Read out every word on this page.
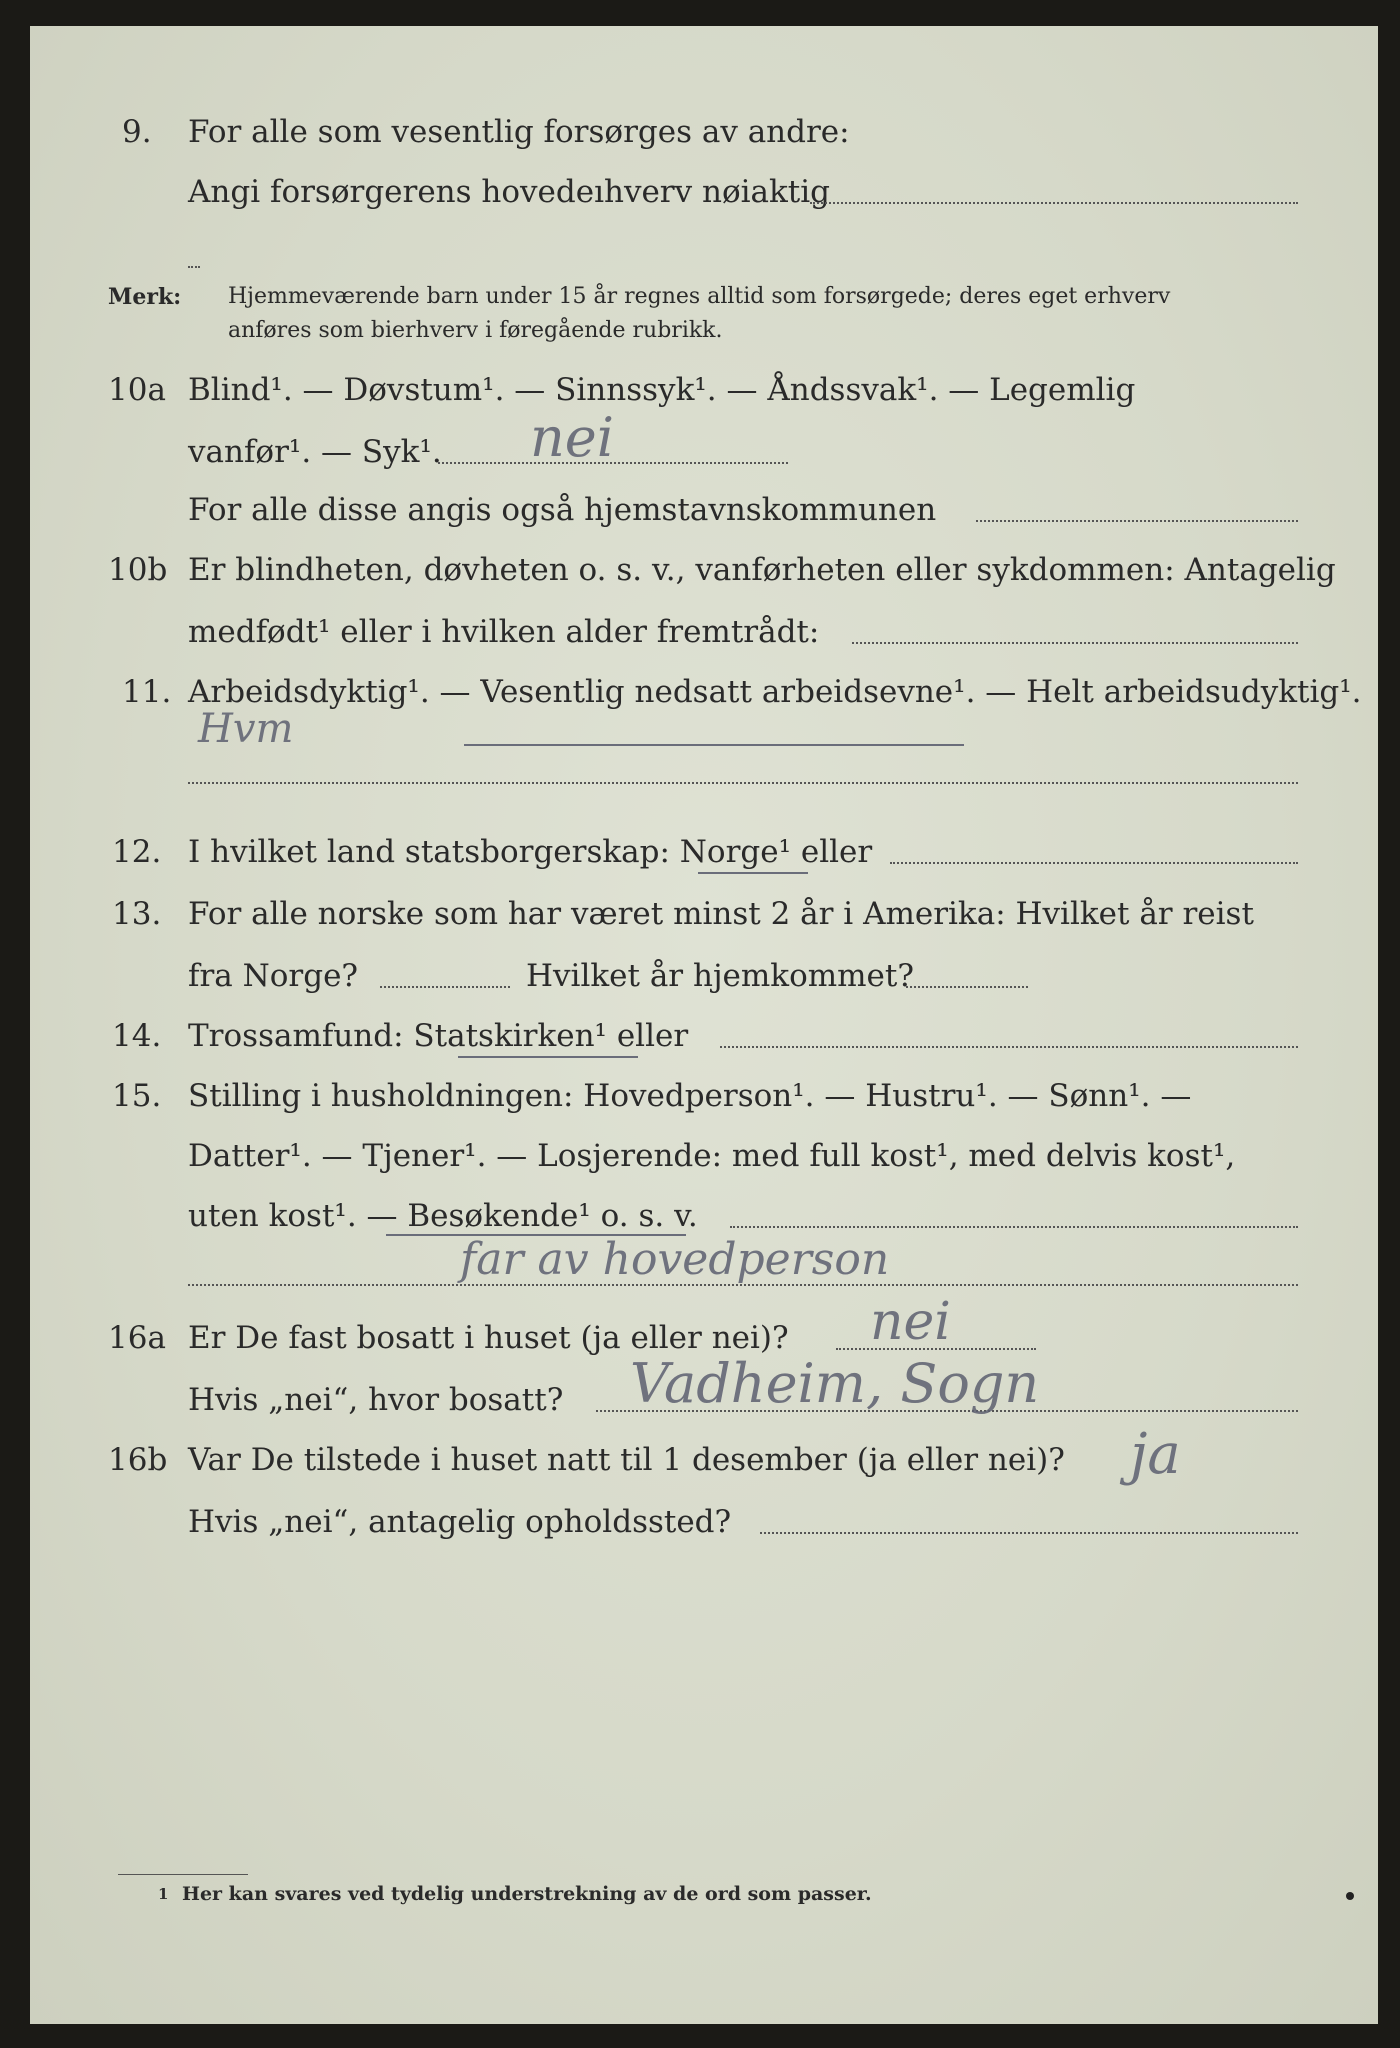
9. For alle som vesentlig forsørges av andre:
Angi forsørgerens hovedeıhverv nøiaktig
Merk: Hjemmeværende barn under 15 år regnes alltid som forsørgede; deres eget erhverv
anføres som bierhverv i føregående rubrikk.
10a Blind¹. — Døvstum¹. — Sinnssyk¹. — Åndssvak¹. — Legemlig
vanfør¹. — Syk¹. nei
For alle disse angis også hjemstavnskommunen
10b Er blindheten, døvheten o. s. v., vanførheten eller sykdommen: Antagelig
medfødt¹ eller i hvilken alder fremtrådt:
11. Arbeidsdyktig¹. — Vesentlig nedsatt arbeidsevne¹. — Helt arbeidsudyktig¹.
Hvm
12. I hvilket land statsborgerskap: Norge¹ eller
13. For alle norske som har været minst 2 år i Amerika: Hvilket år reist
fra Norge?	Hvilket år hjemkommet?
14. Trossamfund: Statskirken¹ eller
15. Stilling i husholdningen: Hovedperson¹. — Hustru¹. — Sønn¹. —
Datter¹. — Tjener¹. — Losjerende: med full kost¹, med delvis kost¹,
uten kost¹. — Besøkende¹ o. s. v.
far av hovedperson
16a Er De fast bosatt i huset (ja eller nei)? nei
Hvis „nei“, hvor bosatt? Vadheim, Sogn
16b Var De tilstede i huset natt til 1 desember (ja eller nei)? ja
Hvis „nei“, antagelig opholdssted?
1 Her kan svares ved tydelig understrekning av de ord som passer.
